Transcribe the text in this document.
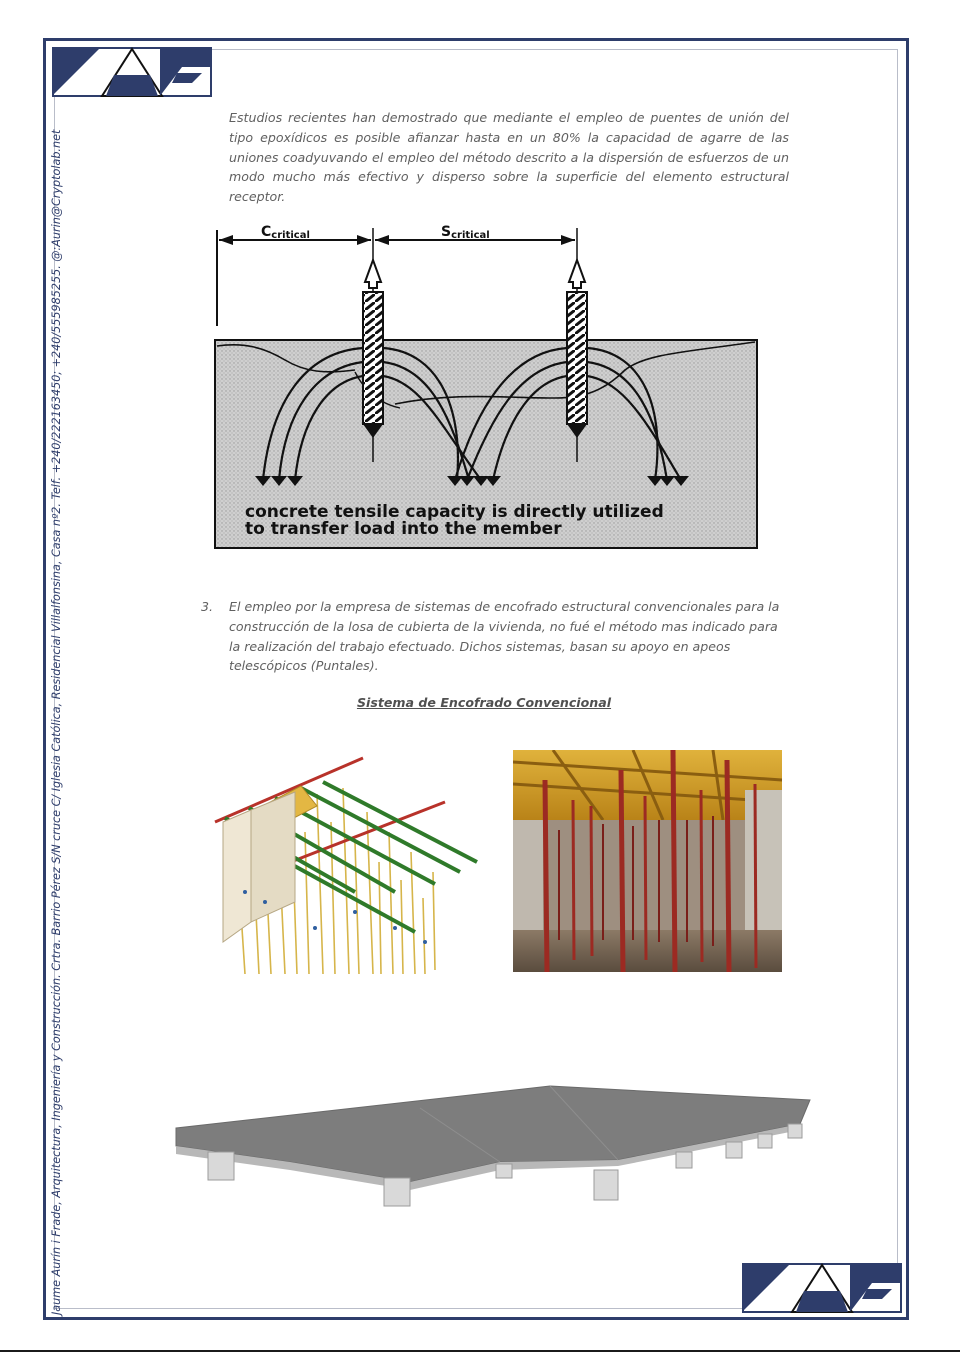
Jaume Aurín i Frade, Arquitectura, Ingeniería y Construcción. Crtra. Barrio Pérez S/N cruce C/ Iglesia Católica, Residencial Villalfonsina, Casa nº2. Telf. +240/222163450; +240/555985255. @:Aurin@Cryptolab.net
Estudios recientes han demostrado que mediante el empleo de puentes de unión del tipo epoxídicos es posible afianzar hasta en un 80% la capacidad de agarre de las uniones coadyuvando el empleo del método descrito a la dispersión de esfuerzos de un modo mucho más efectivo y disperso sobre la superficie del elemento estructural receptor.
Ccritical	Scritical
concrete tensile capacity is directly utilized
to transfer load into the member
3. El empleo por la empresa de sistemas de encofrado estructural convencionales para la construcción de la losa de cubierta de la vivienda, no fué el método mas indicado para la realización del trabajo efectuado. Dichos sistemas, basan su apoyo en apeos telescópicos (Puntales).
Sistema de Encofrado Convencional
